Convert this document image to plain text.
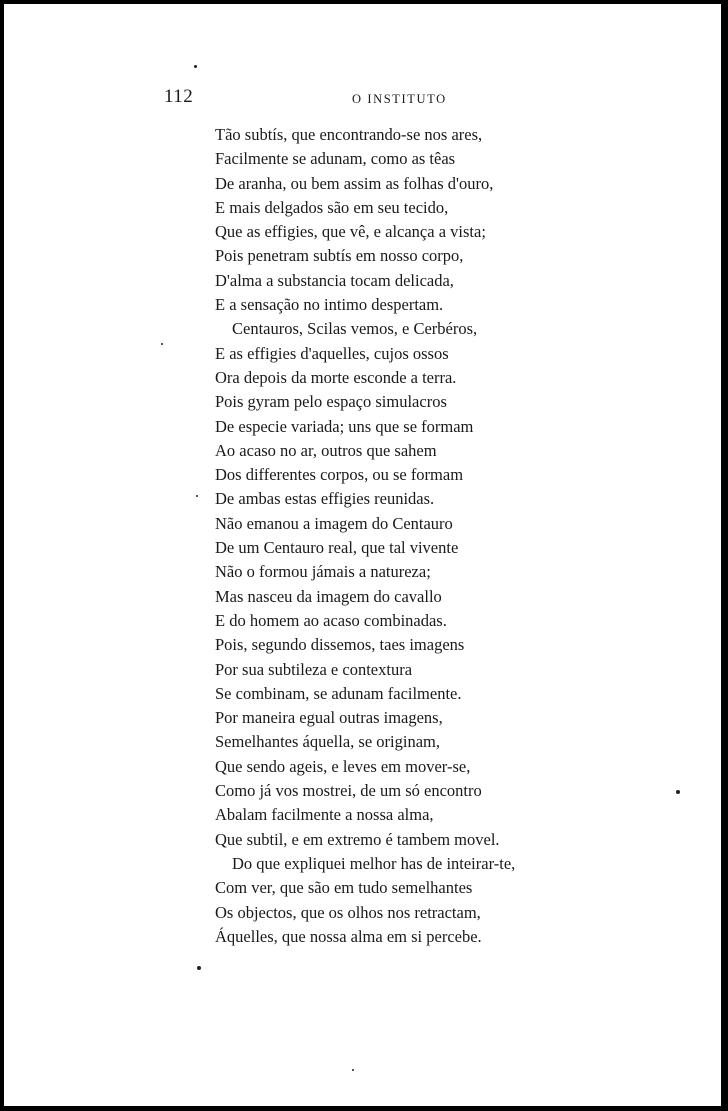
112	O INSTITUTO
Tão subtís, que encontrando-se nos ares,
Facilmente se adunam, como as têas
De aranha, ou bem assim as folhas d'ouro,
E mais delgados são em seu tecido,
Que as effigies, que vê, e alcança a vista;
Pois penetram subtís em nosso corpo,
D'alma a substancia tocam delicada,
E a sensação no intimo despertam.
Centauros, Scilas vemos, e Cerbéros,
E as effigies d'aquelles, cujos ossos
Ora depois da morte esconde a terra.
Pois gyram pelo espaço simulacros
De especie variada; uns que se formam
Ao acaso no ar, outros que sahem
Dos differentes corpos, ou se formam
De ambas estas effigies reunidas.
Não emanou a imagem do Centauro
De um Centauro real, que tal vivente
Não o formou jámais a natureza;
Mas nasceu da imagem do cavallo
E do homem ao acaso combinadas.
Pois, segundo dissemos, taes imagens
Por sua subtileza e contextura
Se combinam, se adunam facilmente.
Por maneira egual outras imagens,
Semelhantes áquella, se originam,
Que sendo ageis, e leves em mover-se,
Como já vos mostrei, de um só encontro
Abalam facilmente a nossa alma,
Que subtil, e em extremo é tambem movel.
Do que expliquei melhor has de inteirar-te,
Com ver, que são em tudo semelhantes
Os objectos, que os olhos nos retractam,
Áquelles, que nossa alma em si percebe.
